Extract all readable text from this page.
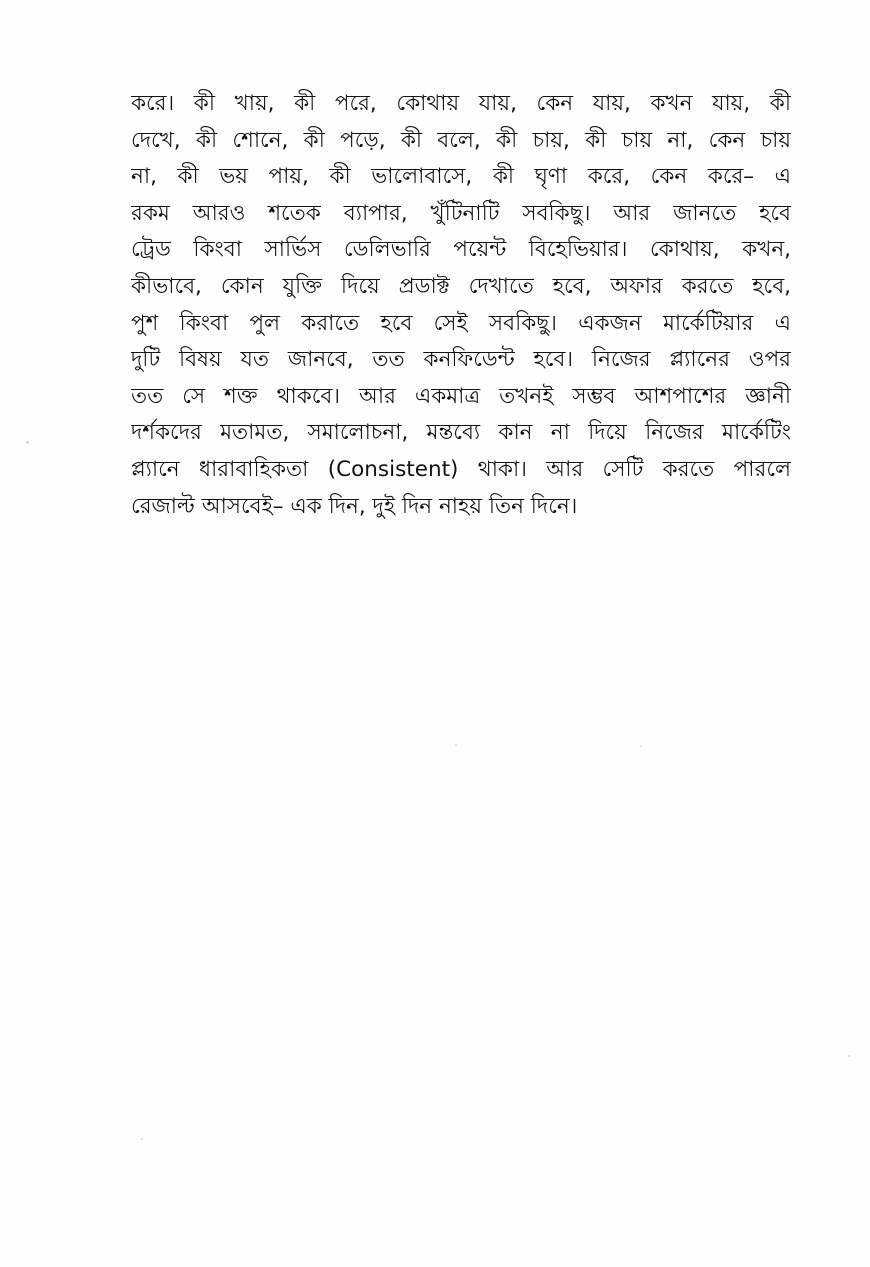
করে। কী খায়, কী পরে, কোথায় যায়, কেন যায়, কখন যায়, কী
দেখে, কী শোনে, কী পড়ে, কী বলে, কী চায়, কী চায় না, কেন চায়
না, কী ভয় পায়, কী ভালোবাসে, কী ঘৃণা করে, কেন করে– এ
রকম আরও শতেক ব্যাপার, খুঁটিনাটি সবকিছু। আর জানতে হবে
ট্রেড কিংবা সার্ভিস ডেলিভারি পয়েন্ট বিহেভিয়ার। কোথায়, কখন,
কীভাবে, কোন যুক্তি দিয়ে প্রডাক্ট দেখাতে হবে, অফার করতে হবে,
পুশ কিংবা পুল করাতে হবে সেই সবকিছু। একজন মার্কেটিয়ার এ
দুটি বিষয় যত জানবে, তত কনফিডেন্ট হবে। নিজের প্ল্যানের ওপর
তত সে শক্ত থাকবে। আর একমাত্র তখনই সম্ভব আশপাশের জ্ঞানী
দর্শকদের মতামত, সমালোচনা, মন্তব্যে কান না দিয়ে নিজের মার্কেটিং
প্ল্যানে ধারাবাহিকতা (Consistent) থাকা। আর সেটি করতে পারলে
রেজাল্ট আসবেই– এক দিন, দুই দিন নাহয় তিন দিনে।
